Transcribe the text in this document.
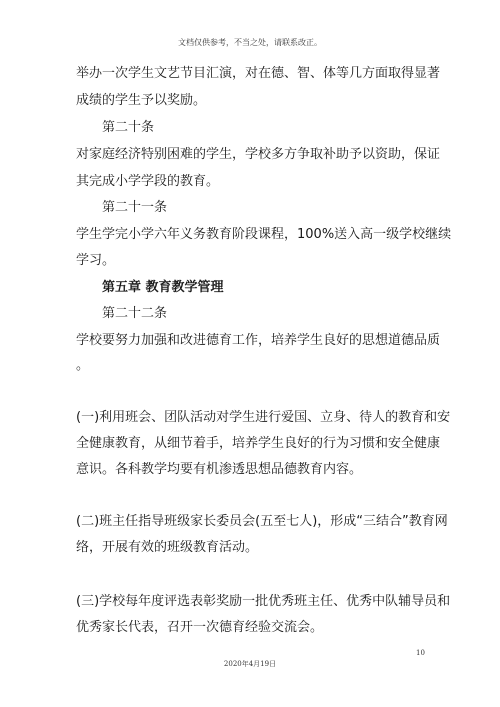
文档仅供参考，不当之处，请联系改正。
举办一次学生文艺节目汇演，对在德、智、体等几方面取得显著
成绩的学生予以奖励。
第二十条
对家庭经济特别困难的学生，学校多方争取补助予以资助，保证
其完成小学学段的教育。
第二十一条
学生学完小学六年义务教育阶段课程，100%送入高一级学校继续
学习。
第五章 教育教学管理
第二十二条
学校要努力加强和改进德育工作，培养学生良好的思想道德品质
。
(一)利用班会、团队活动对学生进行爱国、立身、待人的教育和安
全健康教育，从细节着手，培养学生良好的行为习惯和安全健康
意识。各科教学均要有机渗透思想品德教育内容。
(二)班主任指导班级家长委员会(五至七人)，形成“三结合”教育网
络，开展有效的班级教育活动。
(三)学校每年度评选表彰奖励一批优秀班主任、优秀中队辅导员和
优秀家长代表，召开一次德育经验交流会。
10
2020年4月19日
